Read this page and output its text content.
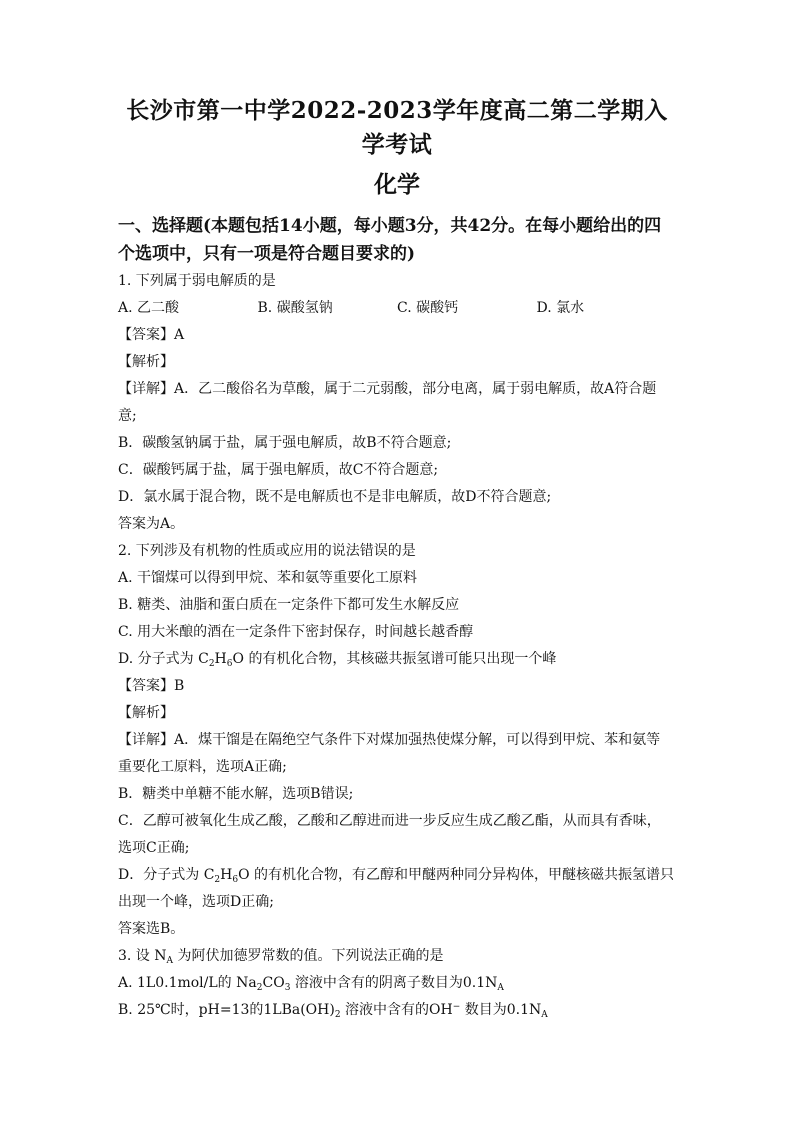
长沙市第一中学2022-2023学年度高二第二学期入学考试
化学

一、选择题(本题包括14小题，每小题3分，共42分。在每小题给出的四个选项中，只有一项是符合题目要求的)

1. 下列属于弱电解质的是

A. 乙二酸	B. 碳酸氢钠	C. 碳酸钙	D. 氯水

【答案】A

【解析】

【详解】A．乙二酸俗名为草酸，属于二元弱酸，部分电离，属于弱电解质，故A符合题

意;

B．碳酸氢钠属于盐，属于强电解质，故B不符合题意;

C．碳酸钙属于盐，属于强电解质，故C不符合题意;

D．氯水属于混合物，既不是电解质也不是非电解质，故D不符合题意;

答案为A。

2. 下列涉及有机物的性质或应用的说法错误的是

A. 干馏煤可以得到甲烷、苯和氨等重要化工原料

B. 糖类、油脂和蛋白质在一定条件下都可发生水解反应

C. 用大米酿的酒在一定条件下密封保存，时间越长越香醇

D. 分子式为 $C_2H_6O$ 的有机化合物，其核磁共振氢谱可能只出现一个峰

【答案】B

【解析】

【详解】A．煤干馏是在隔绝空气条件下对煤加强热使煤分解，可以得到甲烷、苯和氨等

重要化工原料，选项A正确;

B．糖类中单糖不能水解，选项B错误;

C．乙醇可被氧化生成乙酸，乙酸和乙醇进而进一步反应生成乙酸乙酯，从而具有香味，

选项C正确;

D．分子式为 $C_2H_6O$ 的有机化合物，有乙醇和甲醚两种同分异构体，甲醚核磁共振氢谱只

出现一个峰，选项D正确;

答案选B。

3. 设 $N_A$ 为阿伏加德罗常数的值。下列说法正确的是

A. 1L0.1mol/L的 $Na_2CO_3$ 溶液中含有的阴离子数目为$0.1N_A$

B. 25℃时，pH=13的$1LBa(OH)_2$ 溶液中含有的OH− 数目为$0.1N_A$
